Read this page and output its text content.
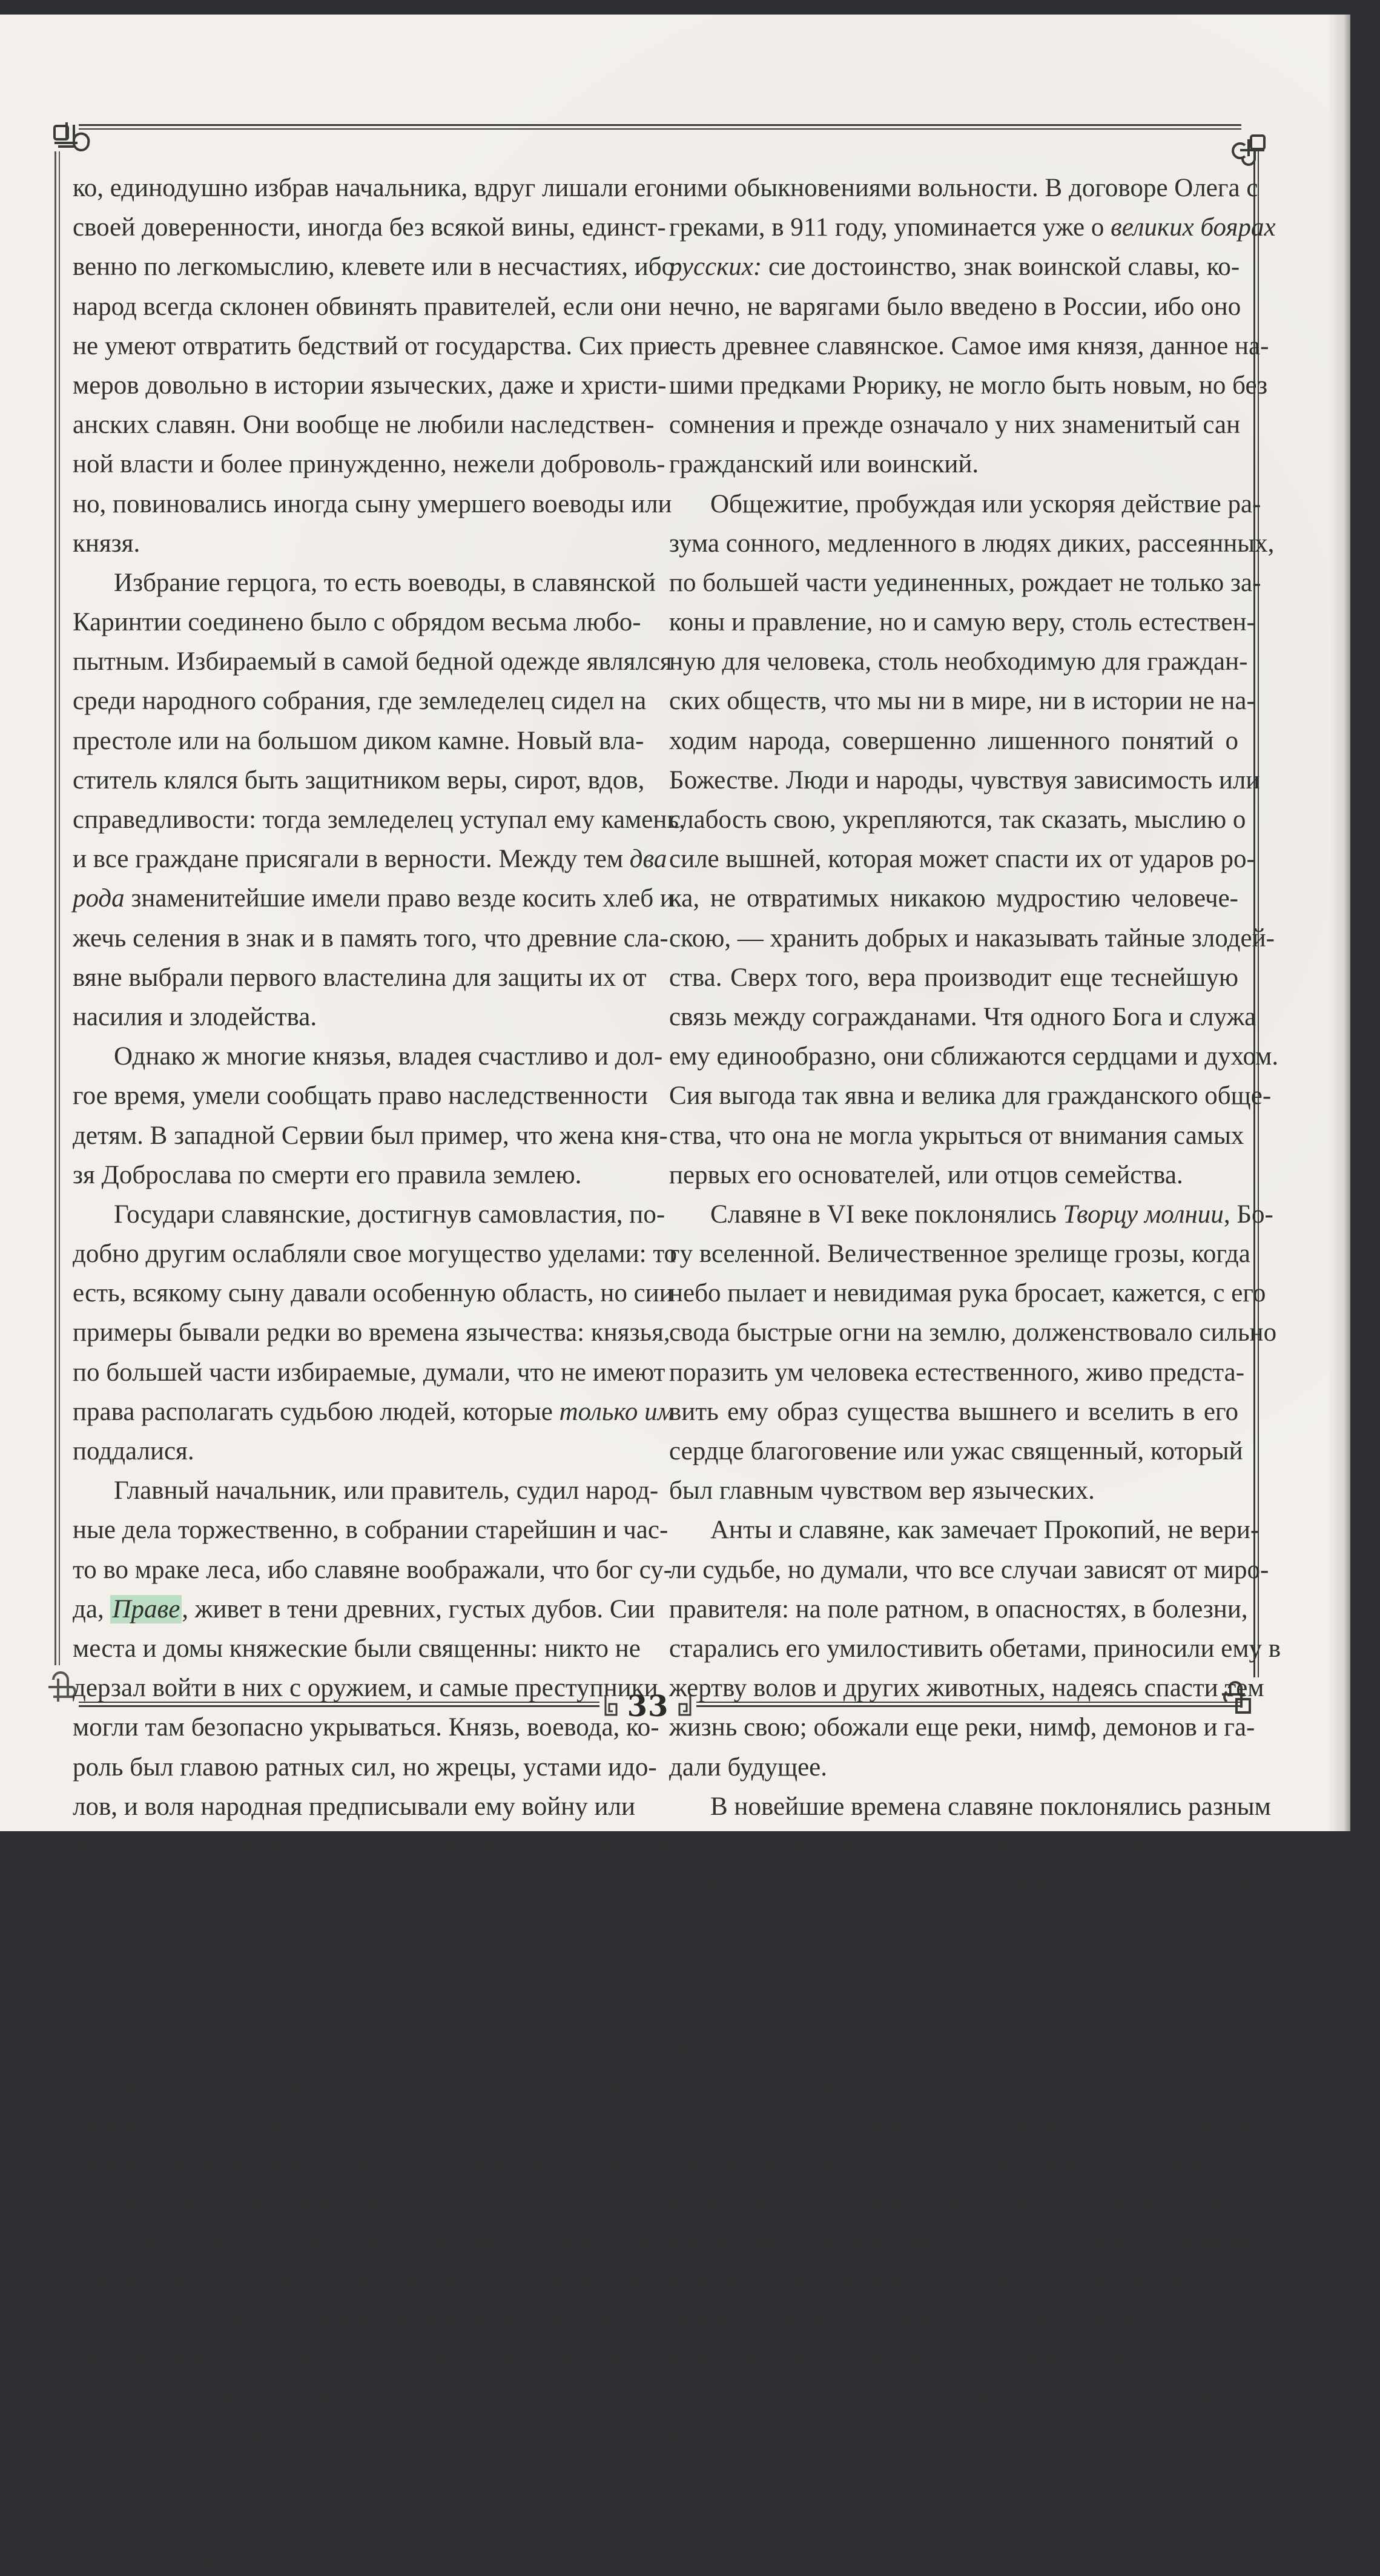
33
ко, единодушно избрав начальника, вдруг лишали его
своей доверенности, иногда без всякой вины, единст-
венно по легкомыслию, клевете или в несчастиях, ибо
народ всегда склонен обвинять правителей, если они
не умеют отвратить бедствий от государства. Сих при-
меров довольно в истории языческих, даже и христи-
анских славян. Они вообще не любили наследствен-
ной власти и более принужденно, нежели доброволь-
но, повиновались иногда сыну умершего воеводы или
князя.
Избрание герцога, то есть воеводы, в славянской
Каринтии соединено было с обрядом весьма любо-
пытным. Избираемый в самой бедной одежде являлся
среди народного собрания, где земледелец сидел на
престоле или на большом диком камне. Новый вла-
ститель клялся быть защитником веры, сирот, вдов,
справедливости: тогда земледелец уступал ему камень,
и все граждане присягали в верности. Между тем два
рода знаменитейшие имели право везде косить хлеб и
жечь селения в знак и в память того, что древние сла-
вяне выбрали первого властелина для защиты их от
насилия и злодейства.
Однако ж многие князья, владея счастливо и дол-
гое время, умели сообщать право наследственности
детям. В западной Сервии был пример, что жена кня-
зя Доброслава по смерти его правила землею.
Государи славянские, достигнув самовластия, по-
добно другим ослабляли свое могущество уделами: то
есть, всякому сыну давали особенную область, но сии
примеры бывали редки во времена язычества: князья,
по большей части избираемые, думали, что не имеют
права располагать судьбою людей, которые только им
поддалися.
Главный начальник, или правитель, судил народ-
ные дела торжественно, в собрании старейшин и час-
то во мраке леса, ибо славяне воображали, что бог су-
да, Праве, живет в тени древних, густых дубов. Сии
места и домы княжеские были священны: никто не
дерзал войти в них с оружием, и самые преступники
могли там безопасно укрываться. Князь, воевода, ко-
роль был главою ратных сил, но жрецы, устами идо-
лов, и воля народная предписывали ему войну или
мир (при заключении коего славяне бросали камень в
море, клали оружие и золото к ногам идола или, про-
стирая десницу к бывшим неприятелям, вручали им
клок волос своих вместе с горстию травы). Народ пла-
тил властителям дань, однако ж произвольную.
Так славяне в разные века и в разных землях
управлялись гражданскою властию. О славянах рос-
сийских Нестор пишет, что они, как и другие, не зна-
ли единовластия, наблюдая закон отцов своих, древ-
ние обычаи и предания, о коих еще в VI веке упоми-
нает греческий историк и которые имели для них силу
законов писаных, ибо гражданские общества не могут
образоваться без уставов и договоров, основанных на
справедливости. Но как сии условия требуют блюсти-
телей и власти наказывать преступника, то и самые
дикие народы избирают посредников между людьми и
законом. Хотя летописец наш не говорит о том, но
российские славяне, конечно, имели властителей с
правами, ограниченными народною пользою и древ-
ними обыкновениями вольности. В договоре Олега с
греками, в 911 году, упоминается уже о великих боярах
русских: сие достоинство, знак воинской славы, ко-
нечно, не варягами было введено в России, ибо оно
есть древнее славянское. Самое имя князя, данное на-
шими предками Рюрику, не могло быть новым, но без
сомнения и прежде означало у них знаменитый сан
гражданский или воинский.
Общежитие, пробуждая или ускоряя действие ра-
зума сонного, медленного в людях диких, рассеянных,
по большей части уединенных, рождает не только за-
коны и правление, но и самую веру, столь естествен-
ную для человека, столь необходимую для граждан-
ских обществ, что мы ни в мире, ни в истории не на-
ходим народа, совершенно лишенного понятий о
Божестве. Люди и народы, чувствуя зависимость или
слабость свою, укрепляются, так сказать, мыслию о
силе вышней, которая может спасти их от ударов ро-
ка, не отвратимых никакою мудростию человече-
скою, — хранить добрых и наказывать тайные злодей-
ства. Сверх того, вера производит еще теснейшую
связь между согражданами. Чтя одного Бога и служа
ему единообразно, они сближаются сердцами и духом.
Сия выгода так явна и велика для гражданского обще-
ства, что она не могла укрыться от внимания самых
первых его основателей, или отцов семейства.
Славяне в VI веке поклонялись Творцу молнии, Бо-
гу вселенной. Величественное зрелище грозы, когда
небо пылает и невидимая рука бросает, кажется, с его
свода быстрые огни на землю, долженствовало сильно
поразить ум человека естественного, живо предста-
вить ему образ существа вышнего и вселить в его
сердце благоговение или ужас священный, который
был главным чувством вер языческих.
Анты и славяне, как замечает Прокопий, не вери-
ли судьбе, но думали, что все случаи зависят от миро-
правителя: на поле ратном, в опасностях, в болезни,
старались его умилостивить обетами, приносили ему в
жертву волов и других животных, надеясь спасти тем
жизнь свою; обожали еще реки, нимф, демонов и га-
дали будущее.
В новейшие времена славяне поклонялись разным
идолам, думая, что многочисленность кумиров утвер-
ждает безопасность смертного и что мудрость челове-
ческая состоит в знании имен и свойства сих мнимых
покровителей. Истуканы считались не образом, но те-
лом богов, ими одушевляемым, и народ падал ниц
пред куском дерева или слитком руды, ожидая от них
спасения и благоденствия.
Однако ж славяне в самом безрассудном суеверии
имели еще понятие о боге единственном и вышнем,
коему, по их мнению, горние небеса, украшенные
светилами лучезарными, служат достойным храмом и
который печется только о небесном, избрав других,
нижних богов, чад своих, управлять землею. Его-то,
кажется, именовали они преимущественно Белым Бо-
гом и не строили ему храмов, воображая, что смерт-
ные не могут иметь с ним сообщения и должны отно-
ситься в нуждах своих к богам второстепенным, помо-
гающим всякому, кто добр в мире и мужествен на
